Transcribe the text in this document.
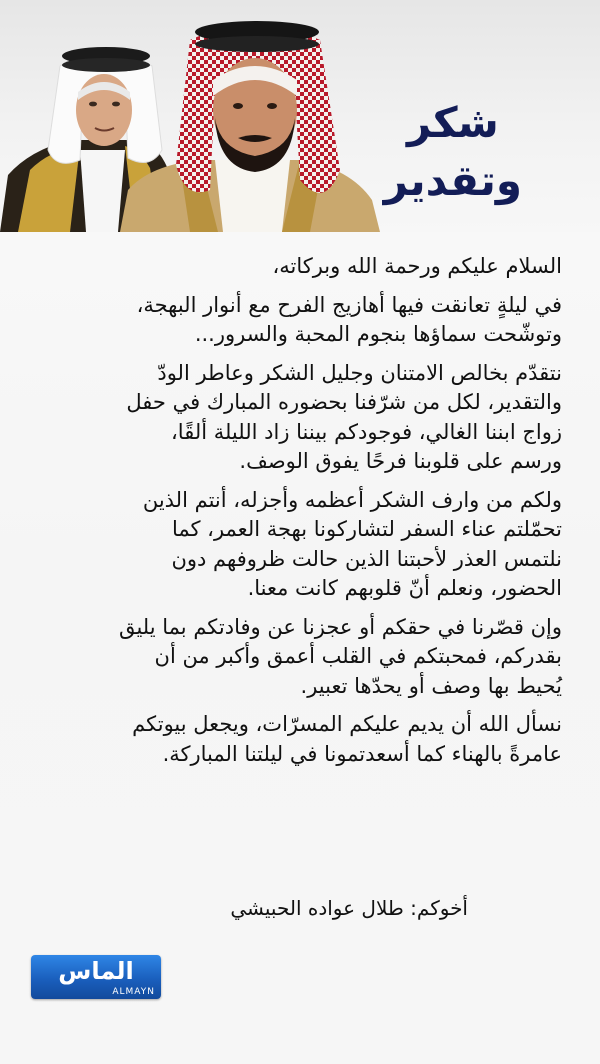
شكر
وتقدير
السلام عليكم ورحمة الله وبركاته،
في ليلةٍ تعانقت فيها أهازيج الفرح مع أنوار البهجة،
وتوشّحت سماؤها بنجوم المحبة والسرور...
نتقدّم بخالص الامتنان وجليل الشكر وعاطر الودّ
والتقدير، لكل من شرّفنا بحضوره المبارك في حفل
زواج ابننا الغالي، فوجودكم بيننا زاد الليلة ألقًا،
ورسم على قلوبنا فرحًا يفوق الوصف.
ولكم من وارف الشكر أعظمه وأجزله، أنتم الذين
تحمّلتم عناء السفر لتشاركونا بهجة العمر، كما
نلتمس العذر لأحبتنا الذين حالت ظروفهم دون
الحضور، ونعلم أنّ قلوبهم كانت معنا.
وإن قصّرنا في حقكم أو عجزنا عن وفادتكم بما يليق
بقدركم، فمحبتكم في القلب أعمق وأكبر من أن
يُحيط بها وصف أو يحدّها تعبير.
نسأل الله أن يديم عليكم المسرّات، ويجعل بيوتكم
عامرةً بالهناء كما أسعدتمونا في ليلتنا المباركة.
أخوكم: طلال عواده الحبيشي
الماس
ALMAYN
